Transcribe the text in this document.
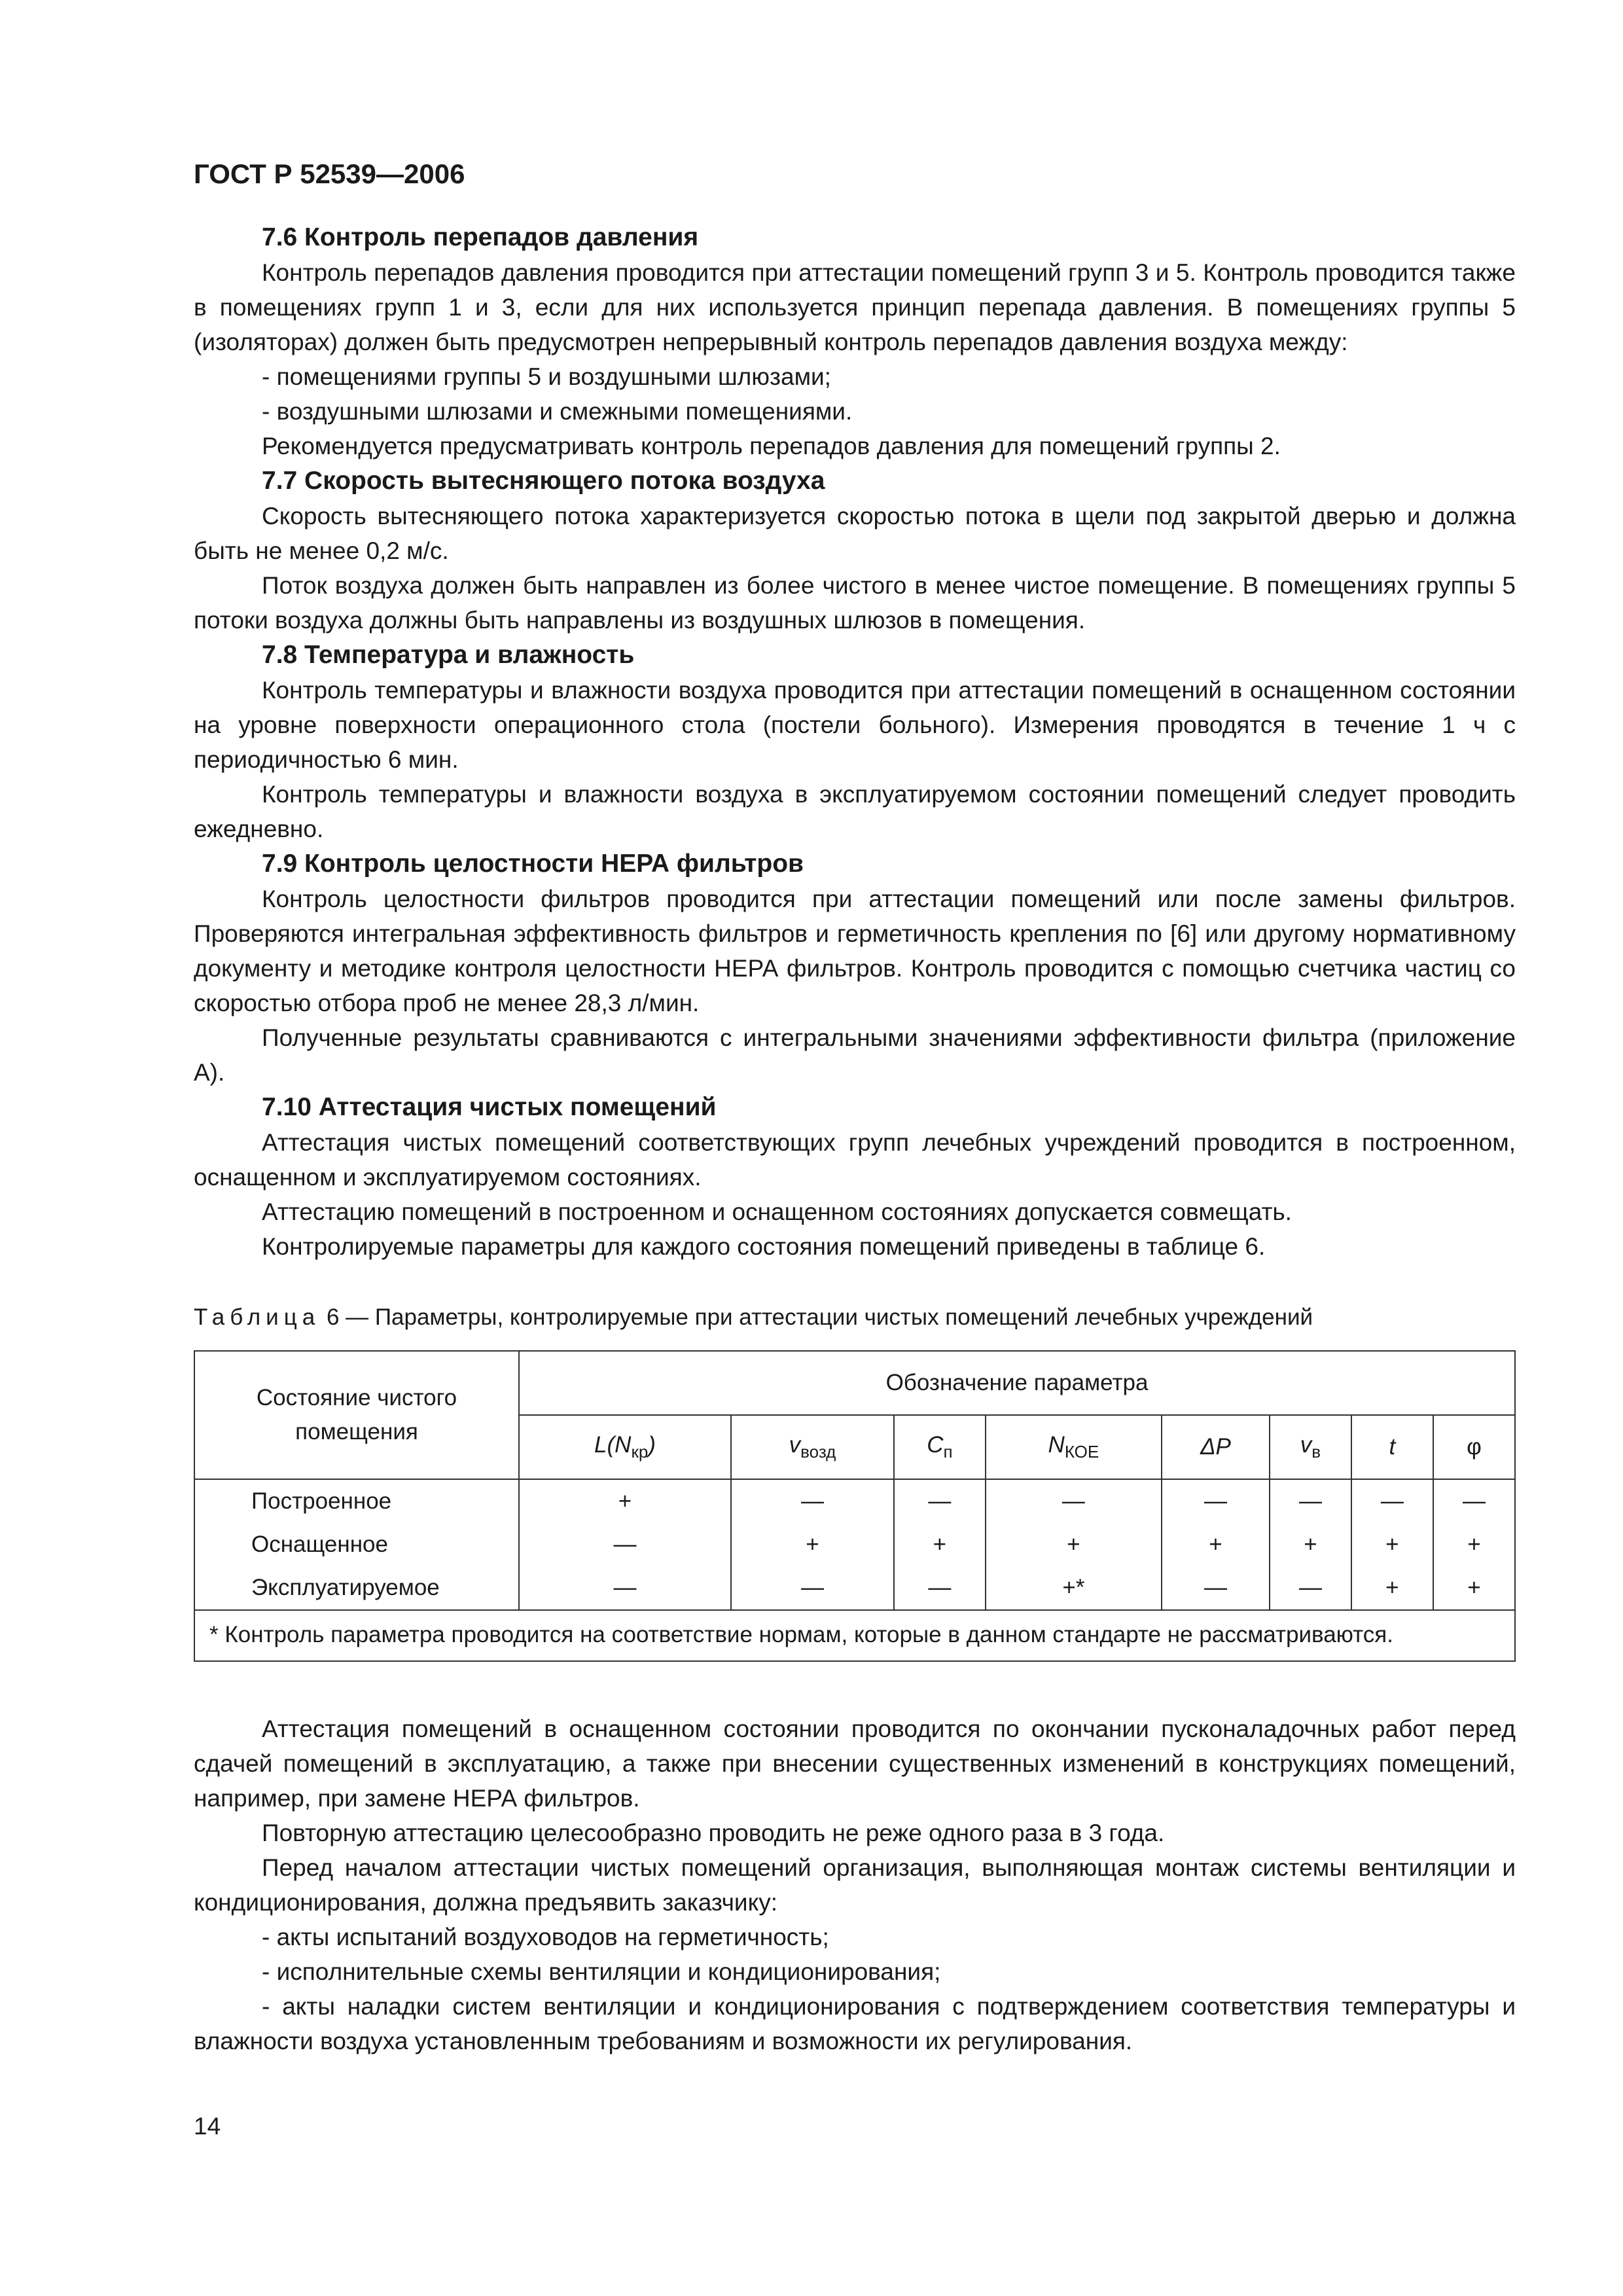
ГОСТ Р 52539—2006
7.6 Контроль перепадов давления

Контроль перепадов давления проводится при аттестации помещений групп 3 и 5. Контроль проводится также в помещениях групп 1 и 3, если для них используется принцип перепада давления. В помещениях группы 5 (изоляторах) должен быть предусмотрен непрерывный контроль перепадов давления воздуха между:

- помещениями группы 5 и воздушными шлюзами;

- воздушными шлюзами и смежными помещениями.

Рекомендуется предусматривать контроль перепадов давления для помещений группы 2.

7.7 Скорость вытесняющего потока воздуха

Скорость вытесняющего потока характеризуется скоростью потока в щели под закрытой дверью и должна быть не менее 0,2 м/с.

Поток воздуха должен быть направлен из более чистого в менее чистое помещение. В помещениях группы 5 потоки воздуха должны быть направлены из воздушных шлюзов в помещения.

7.8 Температура и влажность

Контроль температуры и влажности воздуха проводится при аттестации помещений в оснащенном состоянии на уровне поверхности операционного стола (постели больного). Измерения проводятся в течение 1 ч с периодичностью 6 мин.

Контроль температуры и влажности воздуха в эксплуатируемом состоянии помещений следует проводить ежедневно.

7.9 Контроль целостности НЕРА фильтров

Контроль целостности фильтров проводится при аттестации помещений или после замены фильтров. Проверяются интегральная эффективность фильтров и герметичность крепления по [6] или другому нормативному документу и методике контроля целостности НЕРА фильтров. Контроль проводится с помощью счетчика частиц со скоростью отбора проб не менее 28,3 л/мин.

Полученные результаты сравниваются с интегральными значениями эффективности фильтра (приложение А).

7.10 Аттестация чистых помещений

Аттестация чистых помещений соответствующих групп лечебных учреждений проводится в построенном, оснащенном и эксплуатируемом состояниях.

Аттестацию помещений в построенном и оснащенном состояниях допускается совмещать.

Контролируемые параметры для каждого состояния помещений приведены в таблице 6.

Таблица 6 — Параметры, контролируемые при аттестации чистых помещений лечебных учреждений
Состояние чистого помещения	Обозначение параметра							
	$L(N_{кр})$	$v_{возд}$	$C_п$	$N_{КОЕ}$	ΔP	$v_в$	t	φ
Построенное	+	—	—	—	—	—	—	—
Оснащенное	—	+	+	+	+	+	+	+
Эксплуатируемое	—	—	—	+*	—	—	+	+
* Контроль параметра проводится на соответствие нормам, которые в данном стандарте не рассматриваются.								

Аттестация помещений в оснащенном состоянии проводится по окончании пусконаладочных работ перед сдачей помещений в эксплуатацию, а также при внесении существенных изменений в конструкциях помещений, например, при замене НЕРА фильтров.

Повторную аттестацию целесообразно проводить не реже одного раза в 3 года.

Перед началом аттестации чистых помещений организация, выполняющая монтаж системы вентиляции и кондиционирования, должна предъявить заказчику:

- акты испытаний воздуховодов на герметичность;

- исполнительные схемы вентиляции и кондиционирования;

- акты наладки систем вентиляции и кондиционирования с подтверждением соответствия температуры и влажности воздуха установленным требованиям и возможности их регулирования.

14
